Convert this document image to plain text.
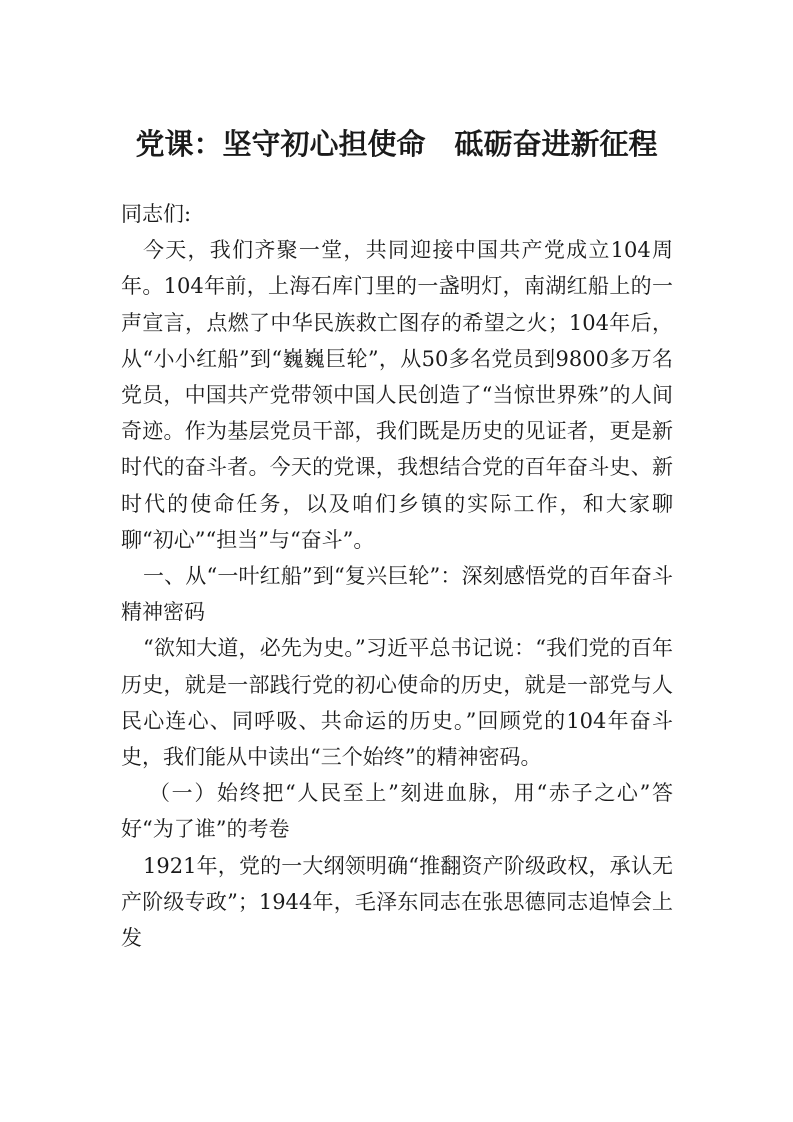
党课：坚守初心担使命　砥砺奋进新征程

同志们:

今天，我们齐聚一堂，共同迎接中国共产党成立104周年。104年前，上海石库门里的一盏明灯，南湖红船上的一声宣言，点燃了中华民族救亡图存的希望之火；104年后，从“小小红船”到“巍巍巨轮”，从50多名党员到9800多万名党员，中国共产党带领中国人民创造了“当惊世界殊”的人间奇迹。作为基层党员干部，我们既是历史的见证者，更是新时代的奋斗者。今天的党课，我想结合党的百年奋斗史、新时代的使命任务，以及咱们乡镇的实际工作，和大家聊聊“初心”“担当”与“奋斗”。

一、从“一叶红船”到“复兴巨轮”：深刻感悟党的百年奋斗精神密码

“欲知大道，必先为史。”习近平总书记说：“我们党的百年历史，就是一部践行党的初心使命的历史，就是一部党与人民心连心、同呼吸、共命运的历史。”回顾党的104年奋斗史，我们能从中读出“三个始终”的精神密码。

（一）始终把“人民至上”刻进血脉，用“赤子之心”答好“为了谁”的考卷

1921年，党的一大纲领明确“推翻资产阶级政权，承认无产阶级专政”；1944年，毛泽东同志在张思德同志追悼会上发
